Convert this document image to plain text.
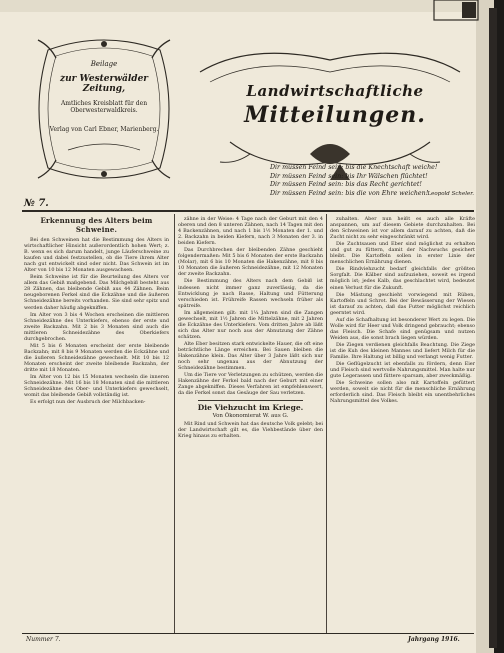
Beilage
zur Westerwälder Zeitung,
Amtliches Kreisblatt für den Oberwesterwaldkreis.
Verlag von Carl Ebner, Marienberg.
Landwirtschaftliche
Mitteilungen.
Dir müssen Feind sein: bis die Knechtschaft weiche!
Dir müssen Feind sein: bis Ihr Wälschen flüchtet!
Dir müssen Feind sein: bis das Recht gerichtet!
Dir müssen Feind sein: bis die von Ehre weichen! Leopold Scheler.
№ 7.
Erkennung des Alters beim Schweine.

Bei den Schweinen hat die Bestimmung des Alters in wirtschaftlicher Hinsicht außerordentlich hohen Wert; z. B. wenn es sich darum handelt, junge Läuferschweine zu kaufen und dabei festzustellen, ob die Tiere ihrem Alter nach gut entwickelt sind oder nicht. Das Schwein ist im Alter von 10 bis 12 Monaten ausgewachsen.

Beim Schweine ist für die Beurteilung des Alters vor allem das Gebiß maßgebend. Das Milchgebiß besteht aus 28 Zähnen, das bleibende Gebiß aus 44 Zähnen. Beim neugeborenen Ferkel sind die Eckzähne und die äußeren Schneidezähne bereits vorhanden. Sie sind sehr spitz und werden daher häufig abgekniffen.

Im Alter von 3 bis 4 Wochen erscheinen die mittleren Schneidezähne des Unterkiefers, ebenso der erste und zweite Backzahn. Mit 2 bis 3 Monaten sind auch die mittleren Schneidezähne des Oberkiefers durchgebrochen.

Mit 5 bis 6 Monaten erscheint der erste bleibende Backzahn; mit 8 bis 9 Monaten werden die Eckzähne und die äußeren Schneidezähne gewechselt. Mit 10 bis 12 Monaten erscheint der zweite bleibende Backzahn, der dritte mit 18 Monaten.

Im Alter von 12 bis 15 Monaten wechseln die inneren Schneidezähne. Mit 16 bis 18 Monaten sind die mittleren Schneidezähne des Ober- und Unterkiefers gewechselt, womit das bleibende Gebiß vollständig ist.

Es erfolgt nun der Ausbruch der Milchbacken-

zähne in der Weise: 4 Tage nach der Geburt mit den 4 oberen und den 8 unteren Zähnen, nach 14 Tagen mit den 4 Backenzähnen, und nach 1 bis 1½ Monaten der 1. und 2. Backzahn in beiden Kiefern, nach 3 Monaten der 3. in beiden Kiefern.

Das Durchbrechen der bleibenden Zähne geschieht folgendermaßen: Mit 5 bis 6 Monaten der erste Backzahn (Molar), mit 6 bis 10 Monaten die Hakenzähne, mit 8 bis 10 Monaten die äußeren Schneidezähne, mit 12 Monaten der zweite Backzahn.

Die Bestimmung des Alters nach dem Gebiß ist indessen nicht immer ganz zuverlässig, da die Entwicklung je nach Rasse, Haltung und Fütterung verschieden ist. Frühreife Rassen wechseln früher als spätreife.

Im allgemeinen gilt: mit 1¼ Jahren sind die Zangen gewechselt, mit 1½ Jahren die Mittelzähne, mit 2 Jahren die Eckzähne des Unterkiefers. Vom dritten Jahre ab läßt sich das Alter nur noch aus der Abnutzung der Zähne schätzen.

Alte Eber besitzen stark entwickelte Hauer, die oft eine beträchtliche Länge erreichen. Bei Sauen bleiben die Hakenzähne klein. Das Alter über 3 Jahre läßt sich nur noch sehr ungenau aus der Abnutzung der Schneidezähne bestimmen.

Um die Tiere vor Verletzungen zu schützen, werden die Hakenzähne der Ferkel bald nach der Geburt mit einer Zange abgekniffen. Dieses Verfahren ist empfehlenswert, da die Ferkel sonst das Gesäuge der Sau verletzen.

Die Viehzucht im Kriege.
Von Ökonomierat W. aus G.

Mit Rind und Schwein hat das deutsche Volk gelebt; bei der Landwirtschaft gilt es, die Viehbestände über den Krieg hinaus zu erhalten.

zuhalten. Aber nun heißt es auch alle Kräfte anspannen, um auf diesem Gebiete durchzuhalten. Bei den Schweinen ist vor allem darauf zu achten, daß die Zucht nicht zu sehr eingeschränkt wird.

Die Zuchtsauen und Eber sind möglichst zu erhalten und gut zu füttern, damit der Nachwuchs gesichert bleibt. Die Kartoffeln sollen in erster Linie der menschlichen Ernährung dienen.

Die Rindviehzucht bedarf gleichfalls der größten Sorgfalt. Die Kälber sind aufzuziehen, soweit es irgend möglich ist; jedes Kalb, das geschlachtet wird, bedeutet einen Verlust für die Zukunft.

Die Mästung geschieht vorwiegend mit Rüben, Kartoffeln und Schrot. Bei der Bewässerung der Wiesen ist darauf zu achten, daß das Futter möglichst reichlich geerntet wird.

Auf die Schafhaltung ist besonderer Wert zu legen. Die Wolle wird für Heer und Volk dringend gebraucht; ebenso das Fleisch. Die Schafe sind genügsam und nutzen Weiden aus, die sonst brach liegen würden.

Die Ziegen verdienen gleichfalls Beachtung. Die Ziege ist die Kuh des kleinen Mannes und liefert Milch für die Familie. Ihre Haltung ist billig und verlangt wenig Futter.

Die Geflügelzucht ist ebenfalls zu fördern, denn Eier und Fleisch sind wertvolle Nahrungsmittel. Man halte nur gute Legerassen und füttere sparsam, aber zweckmäßig.

Die Schweine sollen also mit Kartoffeln gefüttert werden, soweit sie nicht für die menschliche Ernährung erforderlich sind. Das Fleisch bleibt ein unentbehrliches Nahrungsmittel des Volkes.

Nummer 7.	Jahrgang 1916.
